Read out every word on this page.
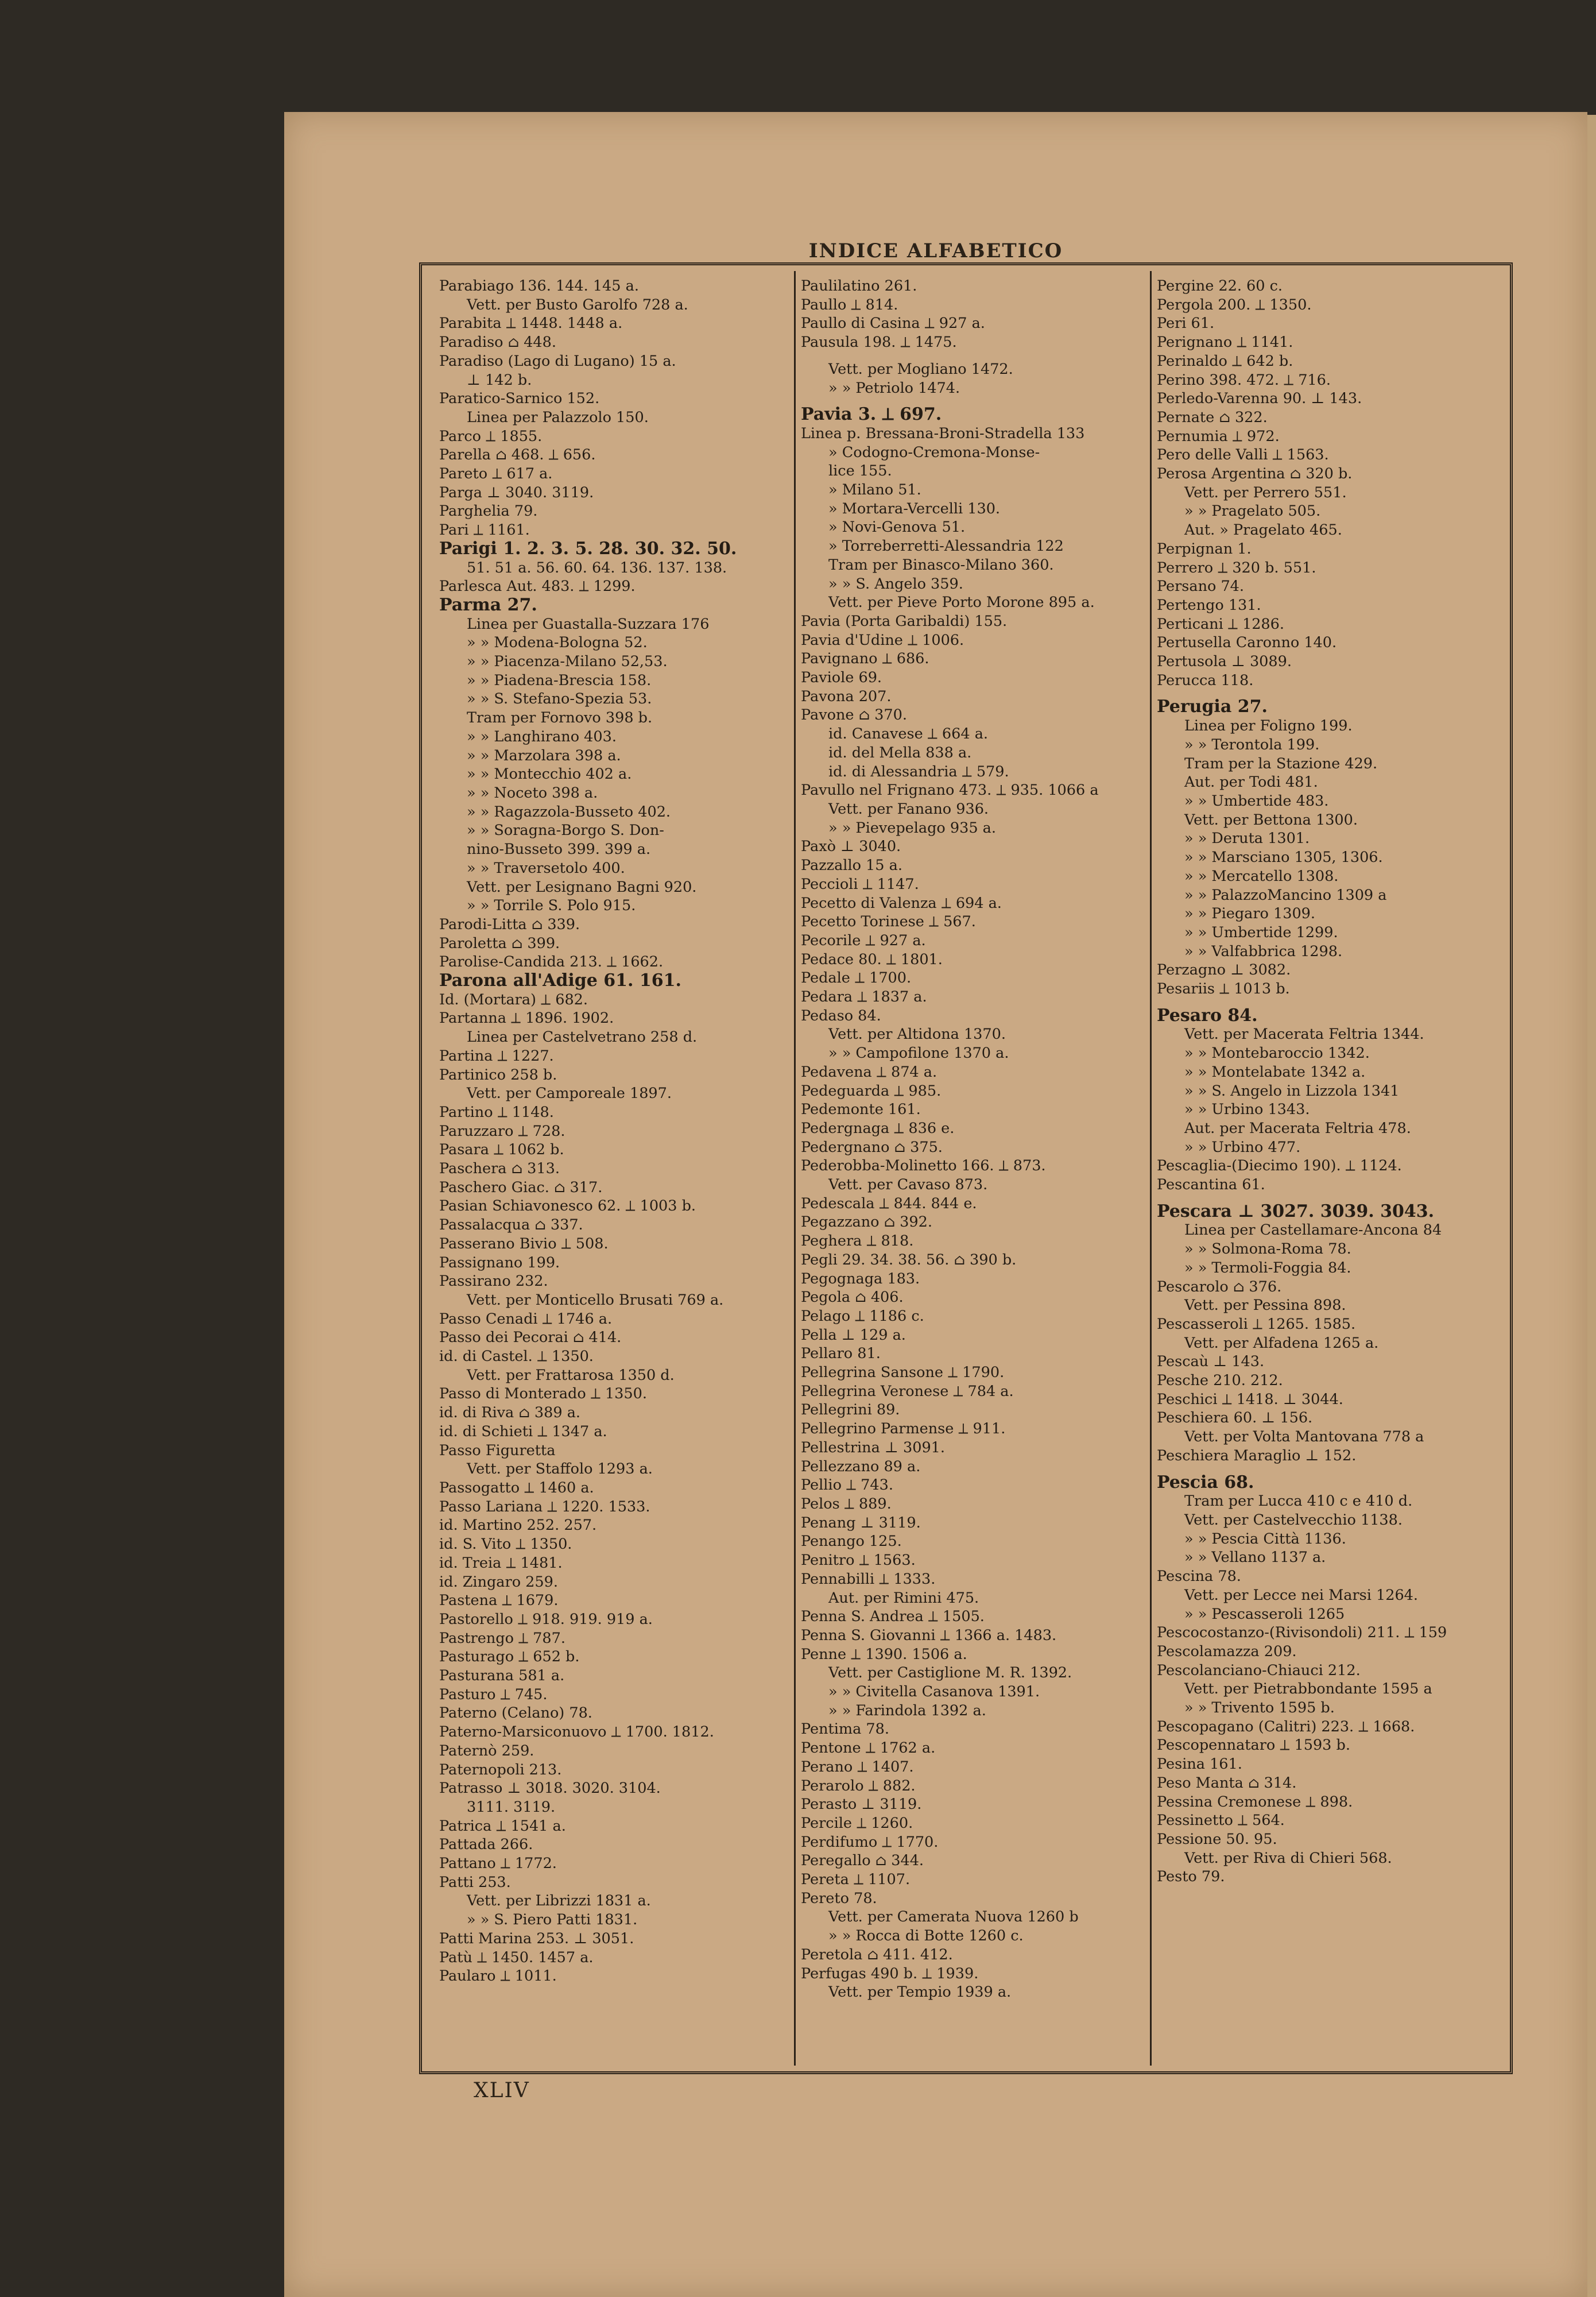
INDICE ALFABETICO
Parabiago 136. 144. 145 a.
Vett. per Busto Garolfo 728 a.
Parabita ⟂ 1448. 1448 a.
Paradiso ⌂ 448.
Paradiso (Lago di Lugano) 15 a.
⊥ 142 b.
Paratico-Sarnico 152.
Linea per Palazzolo 150.
Parco ⟂ 1855.
Parella ⌂ 468. ⟂ 656.
Pareto ⟂ 617 a.
Parga ⊥ 3040. 3119.
Parghelia 79.
Pari ⟂ 1161.
Parigi 1. 2. 3. 5. 28. 30. 32. 50.
51. 51 a. 56. 60. 64. 136. 137. 138.
Parlesca Aut. 483. ⟂ 1299.
Parma 27.
Linea per Guastalla-Suzzara 176
» » Modena-Bologna 52.
» » Piacenza-Milano 52,53.
» » Piadena-Brescia 158.
» » S. Stefano-Spezia 53.
Tram per Fornovo 398 b.
» » Langhirano 403.
» » Marzolara 398 a.
» » Montecchio 402 a.
» » Noceto 398 a.
» » Ragazzola-Busseto 402.
» » Soragna-Borgo S. Don-
nino-Busseto 399. 399 a.
» » Traversetolo 400.
Vett. per Lesignano Bagni 920.
» » Torrile S. Polo 915.
Parodi-Litta ⌂ 339.
Paroletta ⌂ 399.
Parolise-Candida 213. ⟂ 1662.
Parona all'Adige 61. 161.
Id. (Mortara) ⟂ 682.
Partanna ⟂ 1896. 1902.
Linea per Castelvetrano 258 d.
Partina ⟂ 1227.
Partinico 258 b.
Vett. per Camporeale 1897.
Partino ⟂ 1148.
Paruzzaro ⟂ 728.
Pasara ⟂ 1062 b.
Paschera ⌂ 313.
Paschero Giac. ⌂ 317.
Pasian Schiavonesco 62. ⟂ 1003 b.
Passalacqua ⌂ 337.
Passerano Bivio ⟂ 508.
Passignano 199.
Passirano 232.
Vett. per Monticello Brusati 769 a.
Passo Cenadi ⟂ 1746 a.
Passo dei Pecorai ⌂ 414.
id. di Castel. ⟂ 1350.
Vett. per Frattarosa 1350 d.
Passo di Monterado ⟂ 1350.
id. di Riva ⌂ 389 a.
id. di Schieti ⟂ 1347 a.
Passo Figuretta
Vett. per Staffolo 1293 a.
Passogatto ⟂ 1460 a.
Passo Lariana ⟂ 1220. 1533.
id. Martino 252. 257.
id. S. Vito ⟂ 1350.
id. Treia ⟂ 1481.
id. Zingaro 259.
Pastena ⟂ 1679.
Pastorello ⟂ 918. 919. 919 a.
Pastrengo ⟂ 787.
Pasturago ⟂ 652 b.
Pasturana 581 a.
Pasturo ⟂ 745.
Paterno (Celano) 78.
Paterno-Marsiconuovo ⟂ 1700. 1812.
Paternò 259.
Paternopoli 213.
Patrasso ⊥ 3018. 3020. 3104.
3111. 3119.
Patrica ⟂ 1541 a.
Pattada 266.
Pattano ⟂ 1772.
Patti 253.
Vett. per Librizzi 1831 a.
» » S. Piero Patti 1831.
Patti Marina 253. ⊥ 3051.
Patù ⟂ 1450. 1457 a.
Paularo ⟂ 1011.
Paulilatino 261.
Paullo ⟂ 814.
Paullo di Casina ⟂ 927 a.
Pausula 198. ⟂ 1475.
Vett. per Mogliano 1472.
» » Petriolo 1474.
Pavia 3. ⟂ 697.
Linea p. Bressana-Broni-Stradella 133
» Codogno-Cremona-Monse-
lice 155.
» Milano 51.
» Mortara-Vercelli 130.
» Novi-Genova 51.
» Torreberretti-Alessandria 122
Tram per Binasco-Milano 360.
» » S. Angelo 359.
Vett. per Pieve Porto Morone 895 a.
Pavia (Porta Garibaldi) 155.
Pavia d'Udine ⟂ 1006.
Pavignano ⟂ 686.
Paviole 69.
Pavona 207.
Pavone ⌂ 370.
id. Canavese ⟂ 664 a.
id. del Mella 838 a.
id. di Alessandria ⟂ 579.
Pavullo nel Frignano 473. ⟂ 935. 1066 a
Vett. per Fanano 936.
» » Pievepelago 935 a.
Paxò ⊥ 3040.
Pazzallo 15 a.
Peccioli ⟂ 1147.
Pecetto di Valenza ⟂ 694 a.
Pecetto Torinese ⟂ 567.
Pecorile ⟂ 927 a.
Pedace 80. ⟂ 1801.
Pedale ⟂ 1700.
Pedara ⟂ 1837 a.
Pedaso 84.
Vett. per Altidona 1370.
» » Campofilone 1370 a.
Pedavena ⟂ 874 a.
Pedeguarda ⟂ 985.
Pedemonte 161.
Pedergnaga ⟂ 836 e.
Pedergnano ⌂ 375.
Pederobba-Molinetto 166. ⟂ 873.
Vett. per Cavaso 873.
Pedescala ⟂ 844. 844 e.
Pegazzano ⌂ 392.
Peghera ⟂ 818.
Pegli 29. 34. 38. 56. ⌂ 390 b.
Pegognaga 183.
Pegola ⌂ 406.
Pelago ⟂ 1186 c.
Pella ⊥ 129 a.
Pellaro 81.
Pellegrina Sansone ⟂ 1790.
Pellegrina Veronese ⟂ 784 a.
Pellegrini 89.
Pellegrino Parmense ⟂ 911.
Pellestrina ⊥ 3091.
Pellezzano 89 a.
Pellio ⟂ 743.
Pelos ⟂ 889.
Penang ⊥ 3119.
Penango 125.
Penitro ⟂ 1563.
Pennabilli ⟂ 1333.
Aut. per Rimini 475.
Penna S. Andrea ⟂ 1505.
Penna S. Giovanni ⟂ 1366 a. 1483.
Penne ⟂ 1390. 1506 a.
Vett. per Castiglione M. R. 1392.
» » Civitella Casanova 1391.
» » Farindola 1392 a.
Pentima 78.
Pentone ⟂ 1762 a.
Perano ⟂ 1407.
Perarolo ⟂ 882.
Perasto ⊥ 3119.
Percile ⟂ 1260.
Perdifumo ⟂ 1770.
Peregallo ⌂ 344.
Pereta ⟂ 1107.
Pereto 78.
Vett. per Camerata Nuova 1260 b
» » Rocca di Botte 1260 c.
Peretola ⌂ 411. 412.
Perfugas 490 b. ⟂ 1939.
Vett. per Tempio 1939 a.
Pergine 22. 60 c.
Pergola 200. ⟂ 1350.
Peri 61.
Perignano ⟂ 1141.
Perinaldo ⟂ 642 b.
Perino 398. 472. ⟂ 716.
Perledo-Varenna 90. ⊥ 143.
Pernate ⌂ 322.
Pernumia ⟂ 972.
Pero delle Valli ⟂ 1563.
Perosa Argentina ⌂ 320 b.
Vett. per Perrero 551.
» » Pragelato 505.
Aut. » Pragelato 465.
Perpignan 1.
Perrero ⟂ 320 b. 551.
Persano 74.
Pertengo 131.
Perticani ⟂ 1286.
Pertusella Caronno 140.
Pertusola ⊥ 3089.
Perucca 118.
Perugia 27.
Linea per Foligno 199.
» » Terontola 199.
Tram per la Stazione 429.
Aut. per Todi 481.
» » Umbertide 483.
Vett. per Bettona 1300.
» » Deruta 1301.
» » Marsciano 1305, 1306.
» » Mercatello 1308.
» » PalazzoMancino 1309 a
» » Piegaro 1309.
» » Umbertide 1299.
» » Valfabbrica 1298.
Perzagno ⊥ 3082.
Pesariis ⟂ 1013 b.
Pesaro 84.
Vett. per Macerata Feltria 1344.
» » Montebaroccio 1342.
» » Montelabate 1342 a.
» » S. Angelo in Lizzola 1341
» » Urbino 1343.
Aut. per Macerata Feltria 478.
» » Urbino 477.
Pescaglia-(Diecimo 190). ⟂ 1124.
Pescantina 61.
Pescara ⊥ 3027. 3039. 3043.
Linea per Castellamare-Ancona 84
» » Solmona-Roma 78.
» » Termoli-Foggia 84.
Pescarolo ⌂ 376.
Vett. per Pessina 898.
Pescasseroli ⟂ 1265. 1585.
Vett. per Alfadena 1265 a.
Pescaù ⊥ 143.
Pesche 210. 212.
Peschici ⟂ 1418. ⊥ 3044.
Peschiera 60. ⊥ 156.
Vett. per Volta Mantovana 778 a
Peschiera Maraglio ⊥ 152.
Pescia 68.
Tram per Lucca 410 c e 410 d.
Vett. per Castelvecchio 1138.
» » Pescia Città 1136.
» » Vellano 1137 a.
Pescina 78.
Vett. per Lecce nei Marsi 1264.
» » Pescasseroli 1265
Pescocostanzo-(Rivisondoli) 211. ⟂ 159
Pescolamazza 209.
Pescolanciano-Chiauci 212.
Vett. per Pietrabbondante 1595 a
» » Trivento 1595 b.
Pescopagano (Calitri) 223. ⟂ 1668.
Pescopennataro ⟂ 1593 b.
Pesina 161.
Peso Manta ⌂ 314.
Pessina Cremonese ⟂ 898.
Pessinetto ⟂ 564.
Pessione 50. 95.
Vett. per Riva di Chieri 568.
Pesto 79.
XLIV
